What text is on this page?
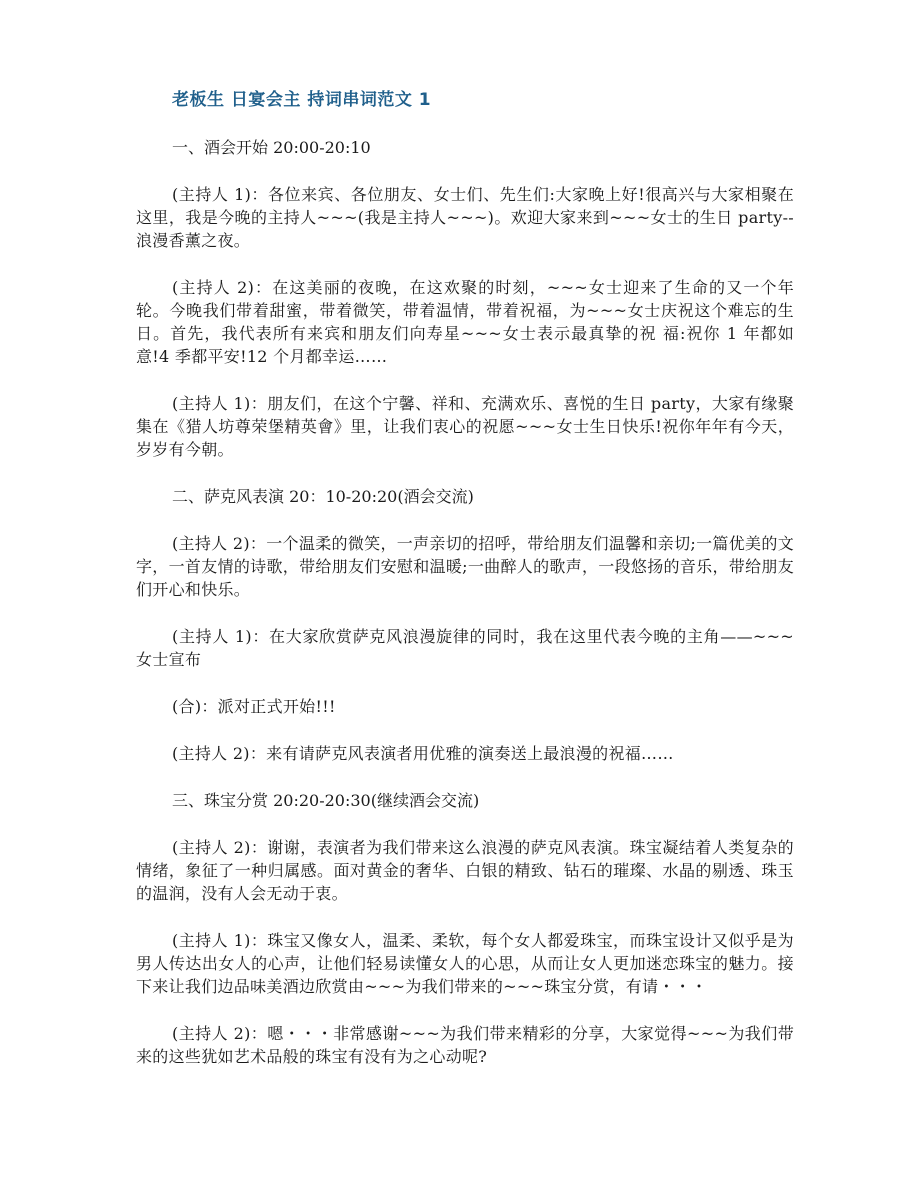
老板生 日宴会主 持词串词范文 1
一、酒会开始 20:00-20:10
(主持人 1)：各位来宾、各位朋友、女士们、先生们:大家晚上好!很高兴与大家相聚在这里，我是今晚的主持人~~~(我是主持人~~~)。欢迎大家来到~~~女士的生日 party--浪漫香薰之夜。
(主持人 2)：在这美丽的夜晚，在这欢聚的时刻，~~~女士迎来了生命的又一个年轮。今晚我们带着甜蜜，带着微笑，带着温情，带着祝福，为~~~女士庆祝这个难忘的生日。首先，我代表所有来宾和朋友们向寿星~~~女士表示最真挚的祝 福:祝你 1 年都如意!4 季都平安!12 个月都幸运……
(主持人 1)：朋友们，在这个宁馨、祥和、充满欢乐、喜悦的生日 party，大家有缘聚集在《猎人坊尊荣堡精英會》里，让我们衷心的祝愿~~~女士生日快乐!祝你年年有今天，岁岁有今朝。
二、萨克风表演 20：10-20:20(酒会交流)
(主持人 2)：一个温柔的微笑，一声亲切的招呼，带给朋友们温馨和亲切;一篇优美的文字，一首友情的诗歌，带给朋友们安慰和温暖;一曲醉人的歌声，一段悠扬的音乐，带给朋友们开心和快乐。
(主持人 1)：在大家欣赏萨克风浪漫旋律的同时，我在这里代表今晚的主角——~~~女士宣布
(合)：派对正式开始!!!
(主持人 2)：来有请萨克风表演者用优雅的演奏送上最浪漫的祝福……
三、珠宝分赏 20:20-20:30(继续酒会交流)
(主持人 2)：谢谢，表演者为我们带来这么浪漫的萨克风表演。珠宝凝结着人类复杂的情绪，象征了一种归属感。面对黄金的奢华、白银的精致、钻石的璀璨、水晶的剔透、珠玉的温润，没有人会无动于衷。
(主持人 1)：珠宝又像女人，温柔、柔软，每个女人都爱珠宝，而珠宝设计又似乎是为男人传达出女人的心声，让他们轻易读懂女人的心思，从而让女人更加迷恋珠宝的魅力。接下来让我们边品味美酒边欣赏由~~~为我们带来的~~~珠宝分赏，有请・・・
(主持人 2)：嗯・・・非常感谢~~~为我们带来精彩的分享，大家觉得~~~为我们带来的这些犹如艺术品般的珠宝有没有为之心动呢?
